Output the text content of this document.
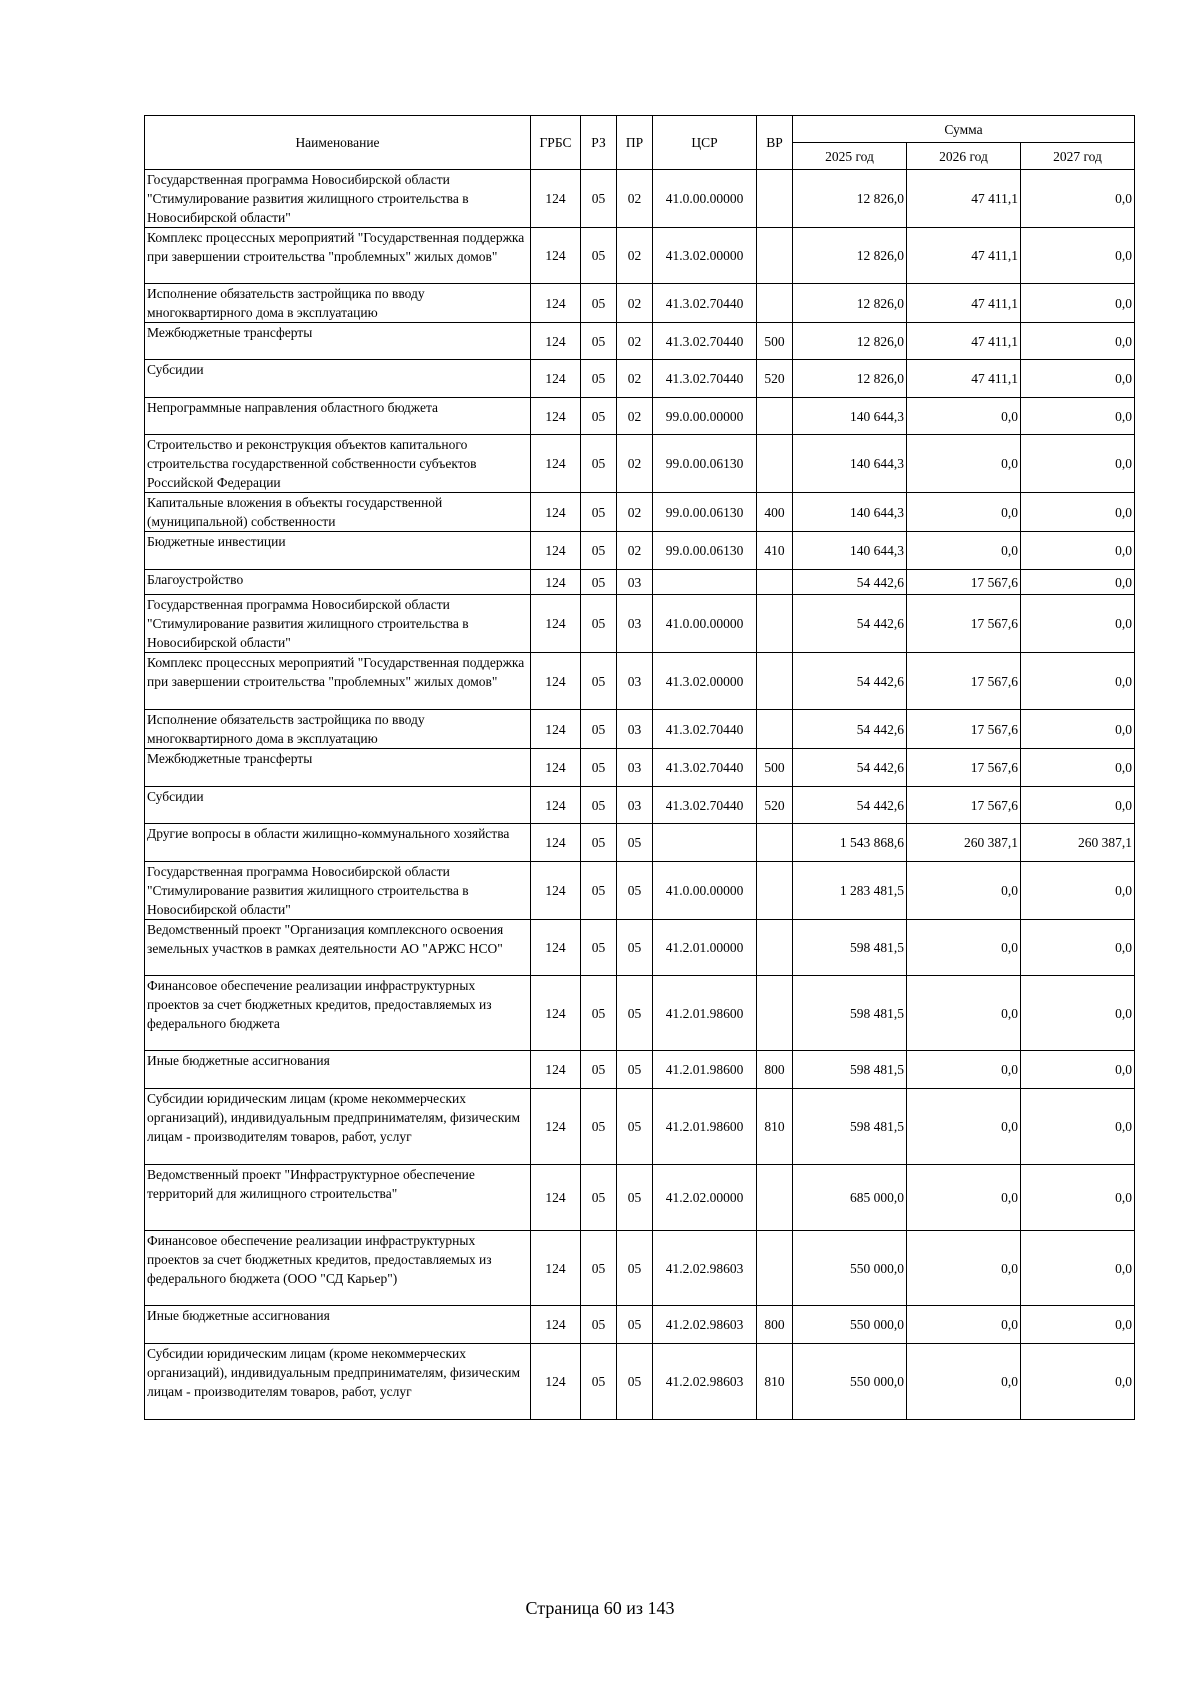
Наименование	ГРБС	РЗ	ПР	ЦСР	ВР	Сумма		
						2025 год	2026 год	2027 год
Государственная программа Новосибирской области "Стимулирование развития жилищного строительства в Новосибирской области"	124	05	02	41.0.00.00000		12 826,0	47 411,1	0,0
Комплекс процессных мероприятий "Государственная поддержка при завершении строительства "проблемных" жилых домов"	124	05	02	41.3.02.00000		12 826,0	47 411,1	0,0
Исполнение обязательств застройщика по вводу многоквартирного дома в эксплуатацию	124	05	02	41.3.02.70440		12 826,0	47 411,1	0,0
Межбюджетные трансферты	124	05	02	41.3.02.70440	500	12 826,0	47 411,1	0,0
Субсидии	124	05	02	41.3.02.70440	520	12 826,0	47 411,1	0,0
Непрограммные направления областного бюджета	124	05	02	99.0.00.00000		140 644,3	0,0	0,0
Строительство и реконструкция объектов капитального строительства государственной собственности субъектов Российской Федерации	124	05	02	99.0.00.06130		140 644,3	0,0	0,0
Капитальные вложения в объекты государственной (муниципальной) собственности	124	05	02	99.0.00.06130	400	140 644,3	0,0	0,0
Бюджетные инвестиции	124	05	02	99.0.00.06130	410	140 644,3	0,0	0,0
Благоустройство	124	05	03			54 442,6	17 567,6	0,0
Государственная программа Новосибирской области "Стимулирование развития жилищного строительства в Новосибирской области"	124	05	03	41.0.00.00000		54 442,6	17 567,6	0,0
Комплекс процессных мероприятий "Государственная поддержка при завершении строительства "проблемных" жилых домов"	124	05	03	41.3.02.00000		54 442,6	17 567,6	0,0
Исполнение обязательств застройщика по вводу многоквартирного дома в эксплуатацию	124	05	03	41.3.02.70440		54 442,6	17 567,6	0,0
Межбюджетные трансферты	124	05	03	41.3.02.70440	500	54 442,6	17 567,6	0,0
Субсидии	124	05	03	41.3.02.70440	520	54 442,6	17 567,6	0,0
Другие вопросы в области жилищно-коммунального хозяйства	124	05	05			1 543 868,6	260 387,1	260 387,1
Государственная программа Новосибирской области "Стимулирование развития жилищного строительства в Новосибирской области"	124	05	05	41.0.00.00000		1 283 481,5	0,0	0,0
Ведомственный проект "Организация комплексного освоения земельных участков в рамках деятельности АО "АРЖС НСО"	124	05	05	41.2.01.00000		598 481,5	0,0	0,0
Финансовое обеспечение реализации инфраструктурных проектов за счет бюджетных кредитов, предоставляемых из федерального бюджета	124	05	05	41.2.01.98600		598 481,5	0,0	0,0
Иные бюджетные ассигнования	124	05	05	41.2.01.98600	800	598 481,5	0,0	0,0
Субсидии юридическим лицам (кроме некоммерческих организаций), индивидуальным предпринимателям, физическим лицам - производителям товаров, работ, услуг	124	05	05	41.2.01.98600	810	598 481,5	0,0	0,0
Ведомственный проект "Инфраструктурное обеспечение территорий для жилищного строительства"	124	05	05	41.2.02.00000		685 000,0	0,0	0,0
Финансовое обеспечение реализации инфраструктурных проектов за счет бюджетных кредитов, предоставляемых из федерального бюджета (ООО "СД Карьер")	124	05	05	41.2.02.98603		550 000,0	0,0	0,0
Иные бюджетные ассигнования	124	05	05	41.2.02.98603	800	550 000,0	0,0	0,0
Субсидии юридическим лицам (кроме некоммерческих организаций), индивидуальным предпринимателям, физическим лицам - производителям товаров, работ, услуг	124	05	05	41.2.02.98603	810	550 000,0	0,0	0,0
Страница 60 из 143
